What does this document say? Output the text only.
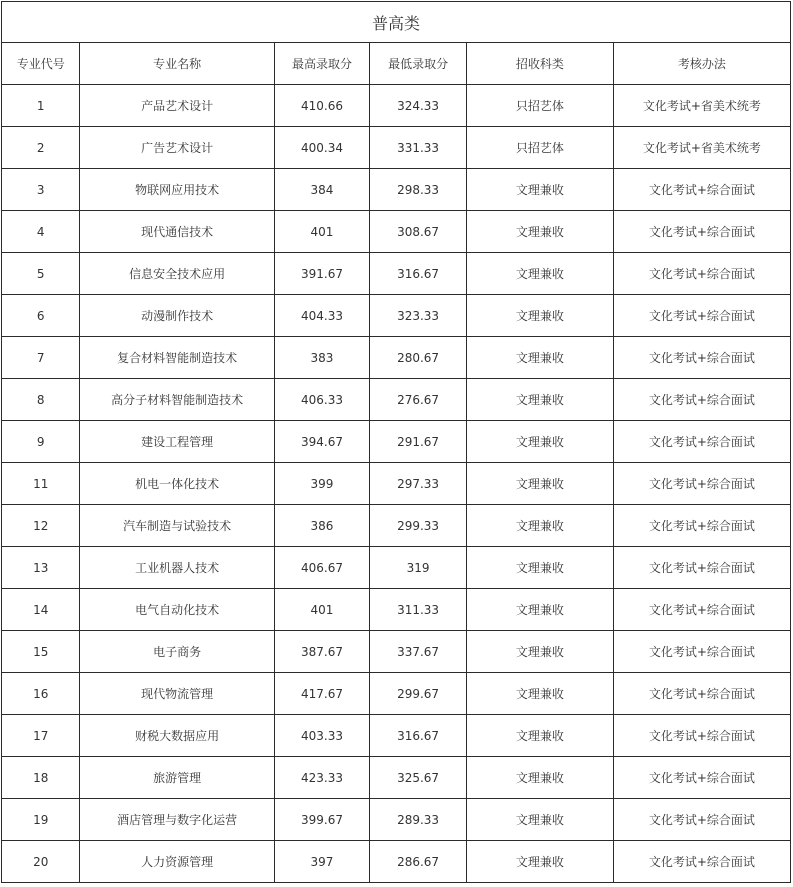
普高类					
专业代号	专业名称	最高录取分	最低录取分	招收科类	考核办法
1	产品艺术设计	410.66	324.33	只招艺体	文化考试+省美术统考
2	广告艺术设计	400.34	331.33	只招艺体	文化考试+省美术统考
3	物联网应用技术	384	298.33	文理兼收	文化考试+综合面试
4	现代通信技术	401	308.67	文理兼收	文化考试+综合面试
5	信息安全技术应用	391.67	316.67	文理兼收	文化考试+综合面试
6	动漫制作技术	404.33	323.33	文理兼收	文化考试+综合面试
7	复合材料智能制造技术	383	280.67	文理兼收	文化考试+综合面试
8	高分子材料智能制造技术	406.33	276.67	文理兼收	文化考试+综合面试
9	建设工程管理	394.67	291.67	文理兼收	文化考试+综合面试
11	机电一体化技术	399	297.33	文理兼收	文化考试+综合面试
12	汽车制造与试验技术	386	299.33	文理兼收	文化考试+综合面试
13	工业机器人技术	406.67	319	文理兼收	文化考试+综合面试
14	电气自动化技术	401	311.33	文理兼收	文化考试+综合面试
15	电子商务	387.67	337.67	文理兼收	文化考试+综合面试
16	现代物流管理	417.67	299.67	文理兼收	文化考试+综合面试
17	财税大数据应用	403.33	316.67	文理兼收	文化考试+综合面试
18	旅游管理	423.33	325.67	文理兼收	文化考试+综合面试
19	酒店管理与数字化运营	399.67	289.33	文理兼收	文化考试+综合面试
20	人力资源管理	397	286.67	文理兼收	文化考试+综合面试
